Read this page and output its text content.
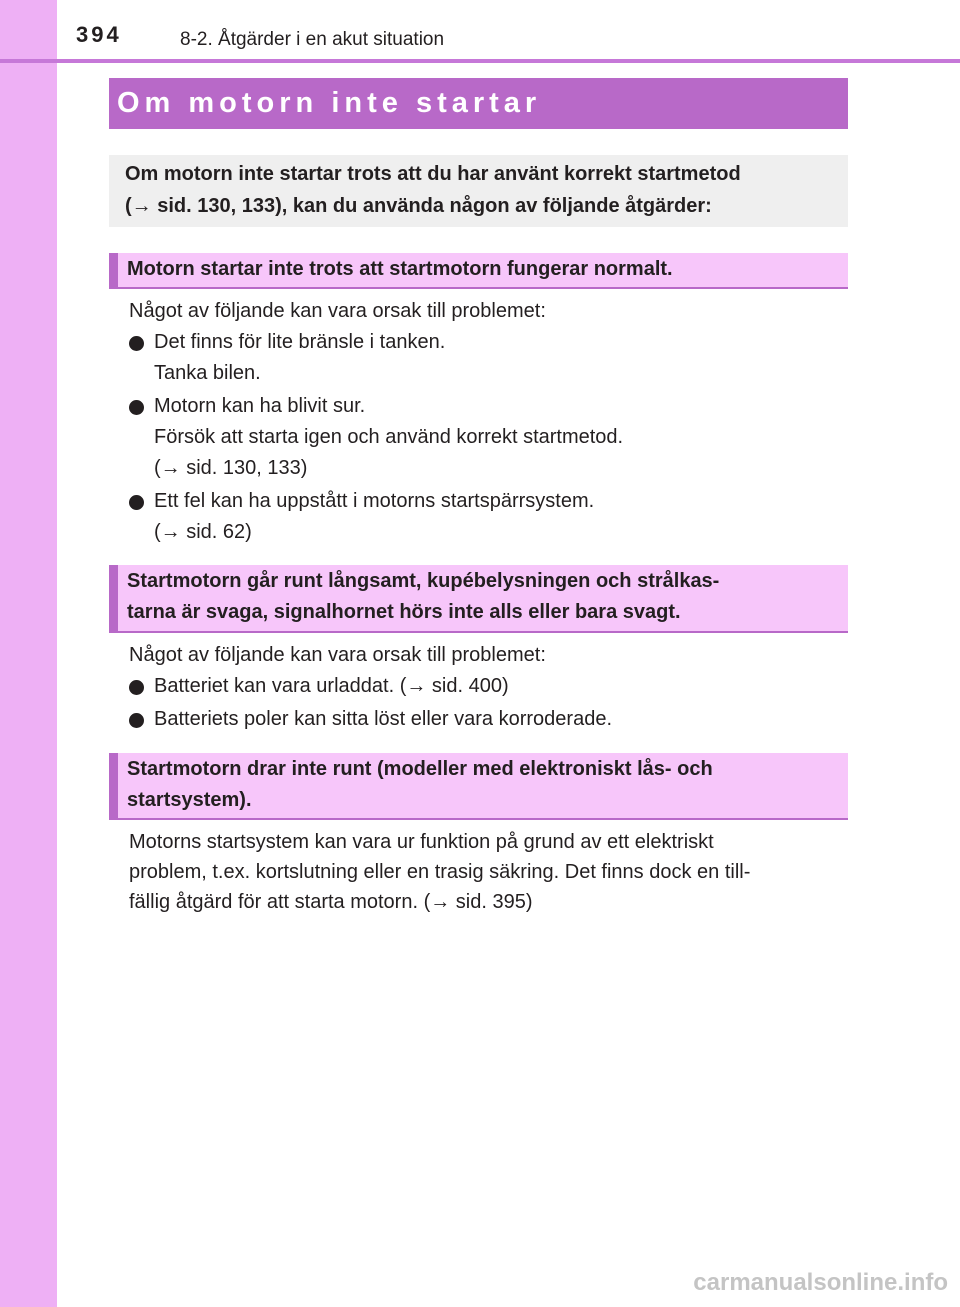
394	8-2. Åtgärder i en akut situation
Om motorn inte startar
Om motorn inte startar trots att du har använt korrekt startmetod
(→ sid. 130, 133), kan du använda någon av följande åtgärder:
Motorn startar inte trots att startmotorn fungerar normalt.
Något av följande kan vara orsak till problemet:
Det finns för lite bränsle i tanken.
Tanka bilen.
Motorn kan ha blivit sur.
Försök att starta igen och använd korrekt startmetod.
(→ sid. 130, 133)
Ett fel kan ha uppstått i motorns startspärrsystem.
(→ sid. 62)
Startmotorn går runt långsamt, kupébelysningen och strålkas-
tarna är svaga, signalhornet hörs inte alls eller bara svagt.
Något av följande kan vara orsak till problemet:
Batteriet kan vara urladdat. (→ sid. 400)
Batteriets poler kan sitta löst eller vara korroderade.
Startmotorn drar inte runt (modeller med elektroniskt lås- och
startsystem).
Motorns startsystem kan vara ur funktion på grund av ett elektriskt
problem, t.ex. kortslutning eller en trasig säkring. Det finns dock en till-
fällig åtgärd för att starta motorn. (→ sid. 395)
carmanualsonline.info
